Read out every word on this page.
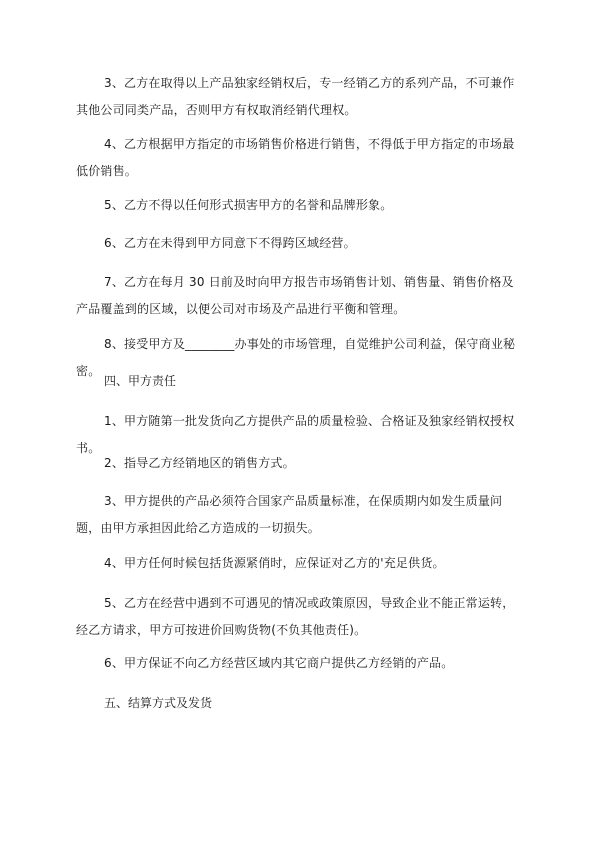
3、乙方在取得以上产品独家经销权后，专一经销乙方的系列产品，不可兼作其他公司同类产品，否则甲方有权取消经销代理权。

4、乙方根据甲方指定的市场销售价格进行销售，不得低于甲方指定的市场最低价销售。

5、乙方不得以任何形式损害甲方的名誉和品牌形象。

6、乙方在未得到甲方同意下不得跨区域经营。

7、乙方在每月 30 日前及时向甲方报告市场销售计划、销售量、销售价格及产品覆盖到的区域，以便公司对市场及产品进行平衡和管理。

8、接受甲方及________办事处的市场管理，自觉维护公司利益，保守商业秘密。

四、甲方责任

1、甲方随第一批发货向乙方提供产品的质量检验、合格证及独家经销权授权书。

2、指导乙方经销地区的销售方式。

3、甲方提供的产品必须符合国家产品质量标准，在保质期内如发生质量问题，由甲方承担因此给乙方造成的一切损失。

4、甲方任何时候包括货源紧俏时，应保证对乙方的'充足供货。

5、乙方在经营中遇到不可遇见的情况或政策原因，导致企业不能正常运转，经乙方请求，甲方可按进价回购货物(不负其他责任)。

6、甲方保证不向乙方经营区域内其它商户提供乙方经销的产品。

五、结算方式及发货
